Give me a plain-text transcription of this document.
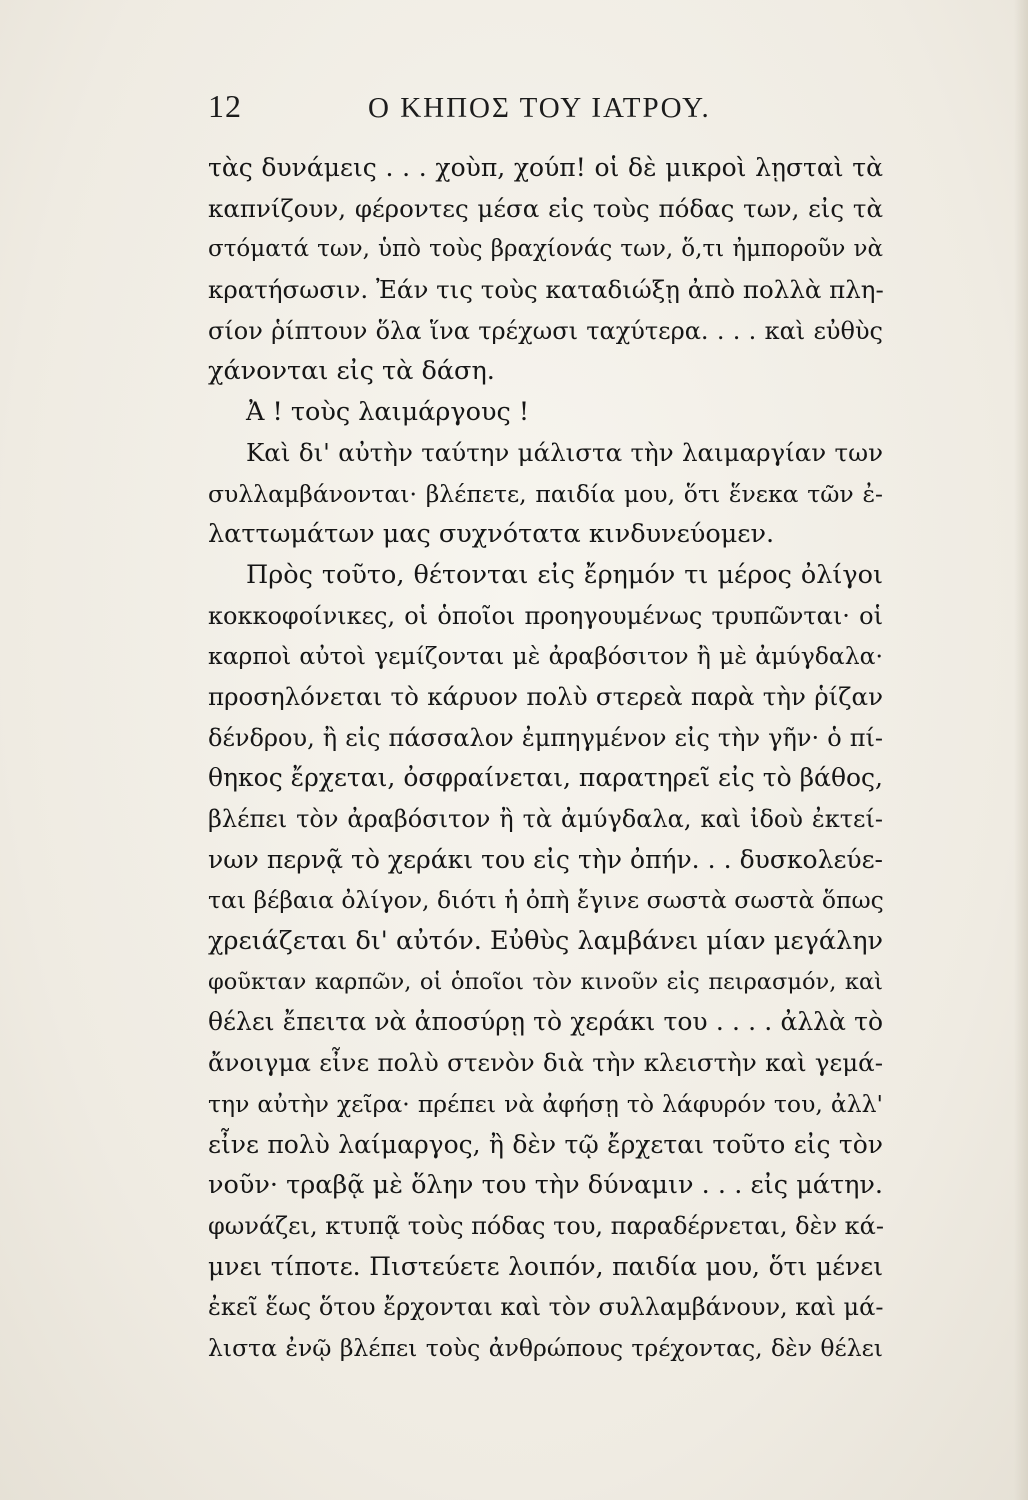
12	Ο ΚΗΠΟΣ ΤΟΥ ΙΑΤΡΟΥ.
τὰς δυνάμεις . . . χοὺπ, χούπ! οἱ δὲ μικροὶ λῃσταὶ τὰ
καπνίζουν, φέροντες μέσα εἰς τοὺς πόδας των, εἰς τὰ
στόματά των, ὑπὸ τοὺς βραχίονάς των, ὅ,τι ἠμποροῦν νὰ
κρατήσωσιν. Ἐάν τις τοὺς καταδιώξῃ ἀπὸ πολλὰ πλη-
σίον ῥίπτουν ὅλα ἵνα τρέχωσι ταχύτερα. . . . καὶ εὐθὺς
χάνονται εἰς τὰ δάση.
Ἀ ! τοὺς λαιμάργους !
Καὶ δι' αὐτὴν ταύτην μάλιστα τὴν λαιμαργίαν των
συλλαμβάνονται· βλέπετε, παιδία μου, ὅτι ἕνεκα τῶν ἐ-
λαττωμάτων μας συχνότατα κινδυνεύομεν.
Πρὸς τοῦτο, θέτονται εἰς ἔρημόν τι μέρος ὀλίγοι
κοκκοφοίνικες, οἱ ὁποῖοι προηγουμένως τρυπῶνται· οἱ
καρποὶ αὐτοὶ γεμίζονται μὲ ἀραβόσιτον ἢ μὲ ἀμύγδαλα·
προσηλόνεται τὸ κάρυον πολὺ στερεὰ παρὰ τὴν ῥίζαν
δένδρου, ἢ εἰς πάσσαλον ἐμπηγμένον εἰς τὴν γῆν· ὁ πί-
θηκος ἔρχεται, ὀσφραίνεται, παρατηρεῖ εἰς τὸ βάθος,
βλέπει τὸν ἀραβόσιτον ἢ τὰ ἀμύγδαλα, καὶ ἰδοὺ ἐκτεί-
νων περνᾷ τὸ χεράκι του εἰς τὴν ὀπήν. . . δυσκολεύε-
ται βέβαια ὀλίγον, διότι ἡ ὀπὴ ἔγινε σωστὰ σωστὰ ὅπως
χρειάζεται δι' αὐτόν. Εὐθὺς λαμβάνει μίαν μεγάλην
φοῦκταν καρπῶν, οἱ ὁποῖοι τὸν κινοῦν εἰς πειρασμόν, καὶ
θέλει ἔπειτα νὰ ἀποσύρῃ τὸ χεράκι του . . . . ἀλλὰ τὸ
ἄνοιγμα εἶνε πολὺ στενὸν διὰ τὴν κλειστὴν καὶ γεμά-
την αὐτὴν χεῖρα· πρέπει νὰ ἀφήσῃ τὸ λάφυρόν του, ἀλλ'
εἶνε πολὺ λαίμαργος, ἢ δὲν τῷ ἔρχεται τοῦτο εἰς τὸν
νοῦν· τραβᾷ μὲ ὅλην του τὴν δύναμιν . . . εἰς μάτην.
φωνάζει, κτυπᾷ τοὺς πόδας του, παραδέρνεται, δὲν κά-
μνει τίποτε. Πιστεύετε λοιπόν, παιδία μου, ὅτι μένει
ἐκεῖ ἕως ὅτου ἔρχονται καὶ τὸν συλλαμβάνουν, καὶ μά-
λιστα ἐνῷ βλέπει τοὺς ἀνθρώπους τρέχοντας, δὲν θέλει
